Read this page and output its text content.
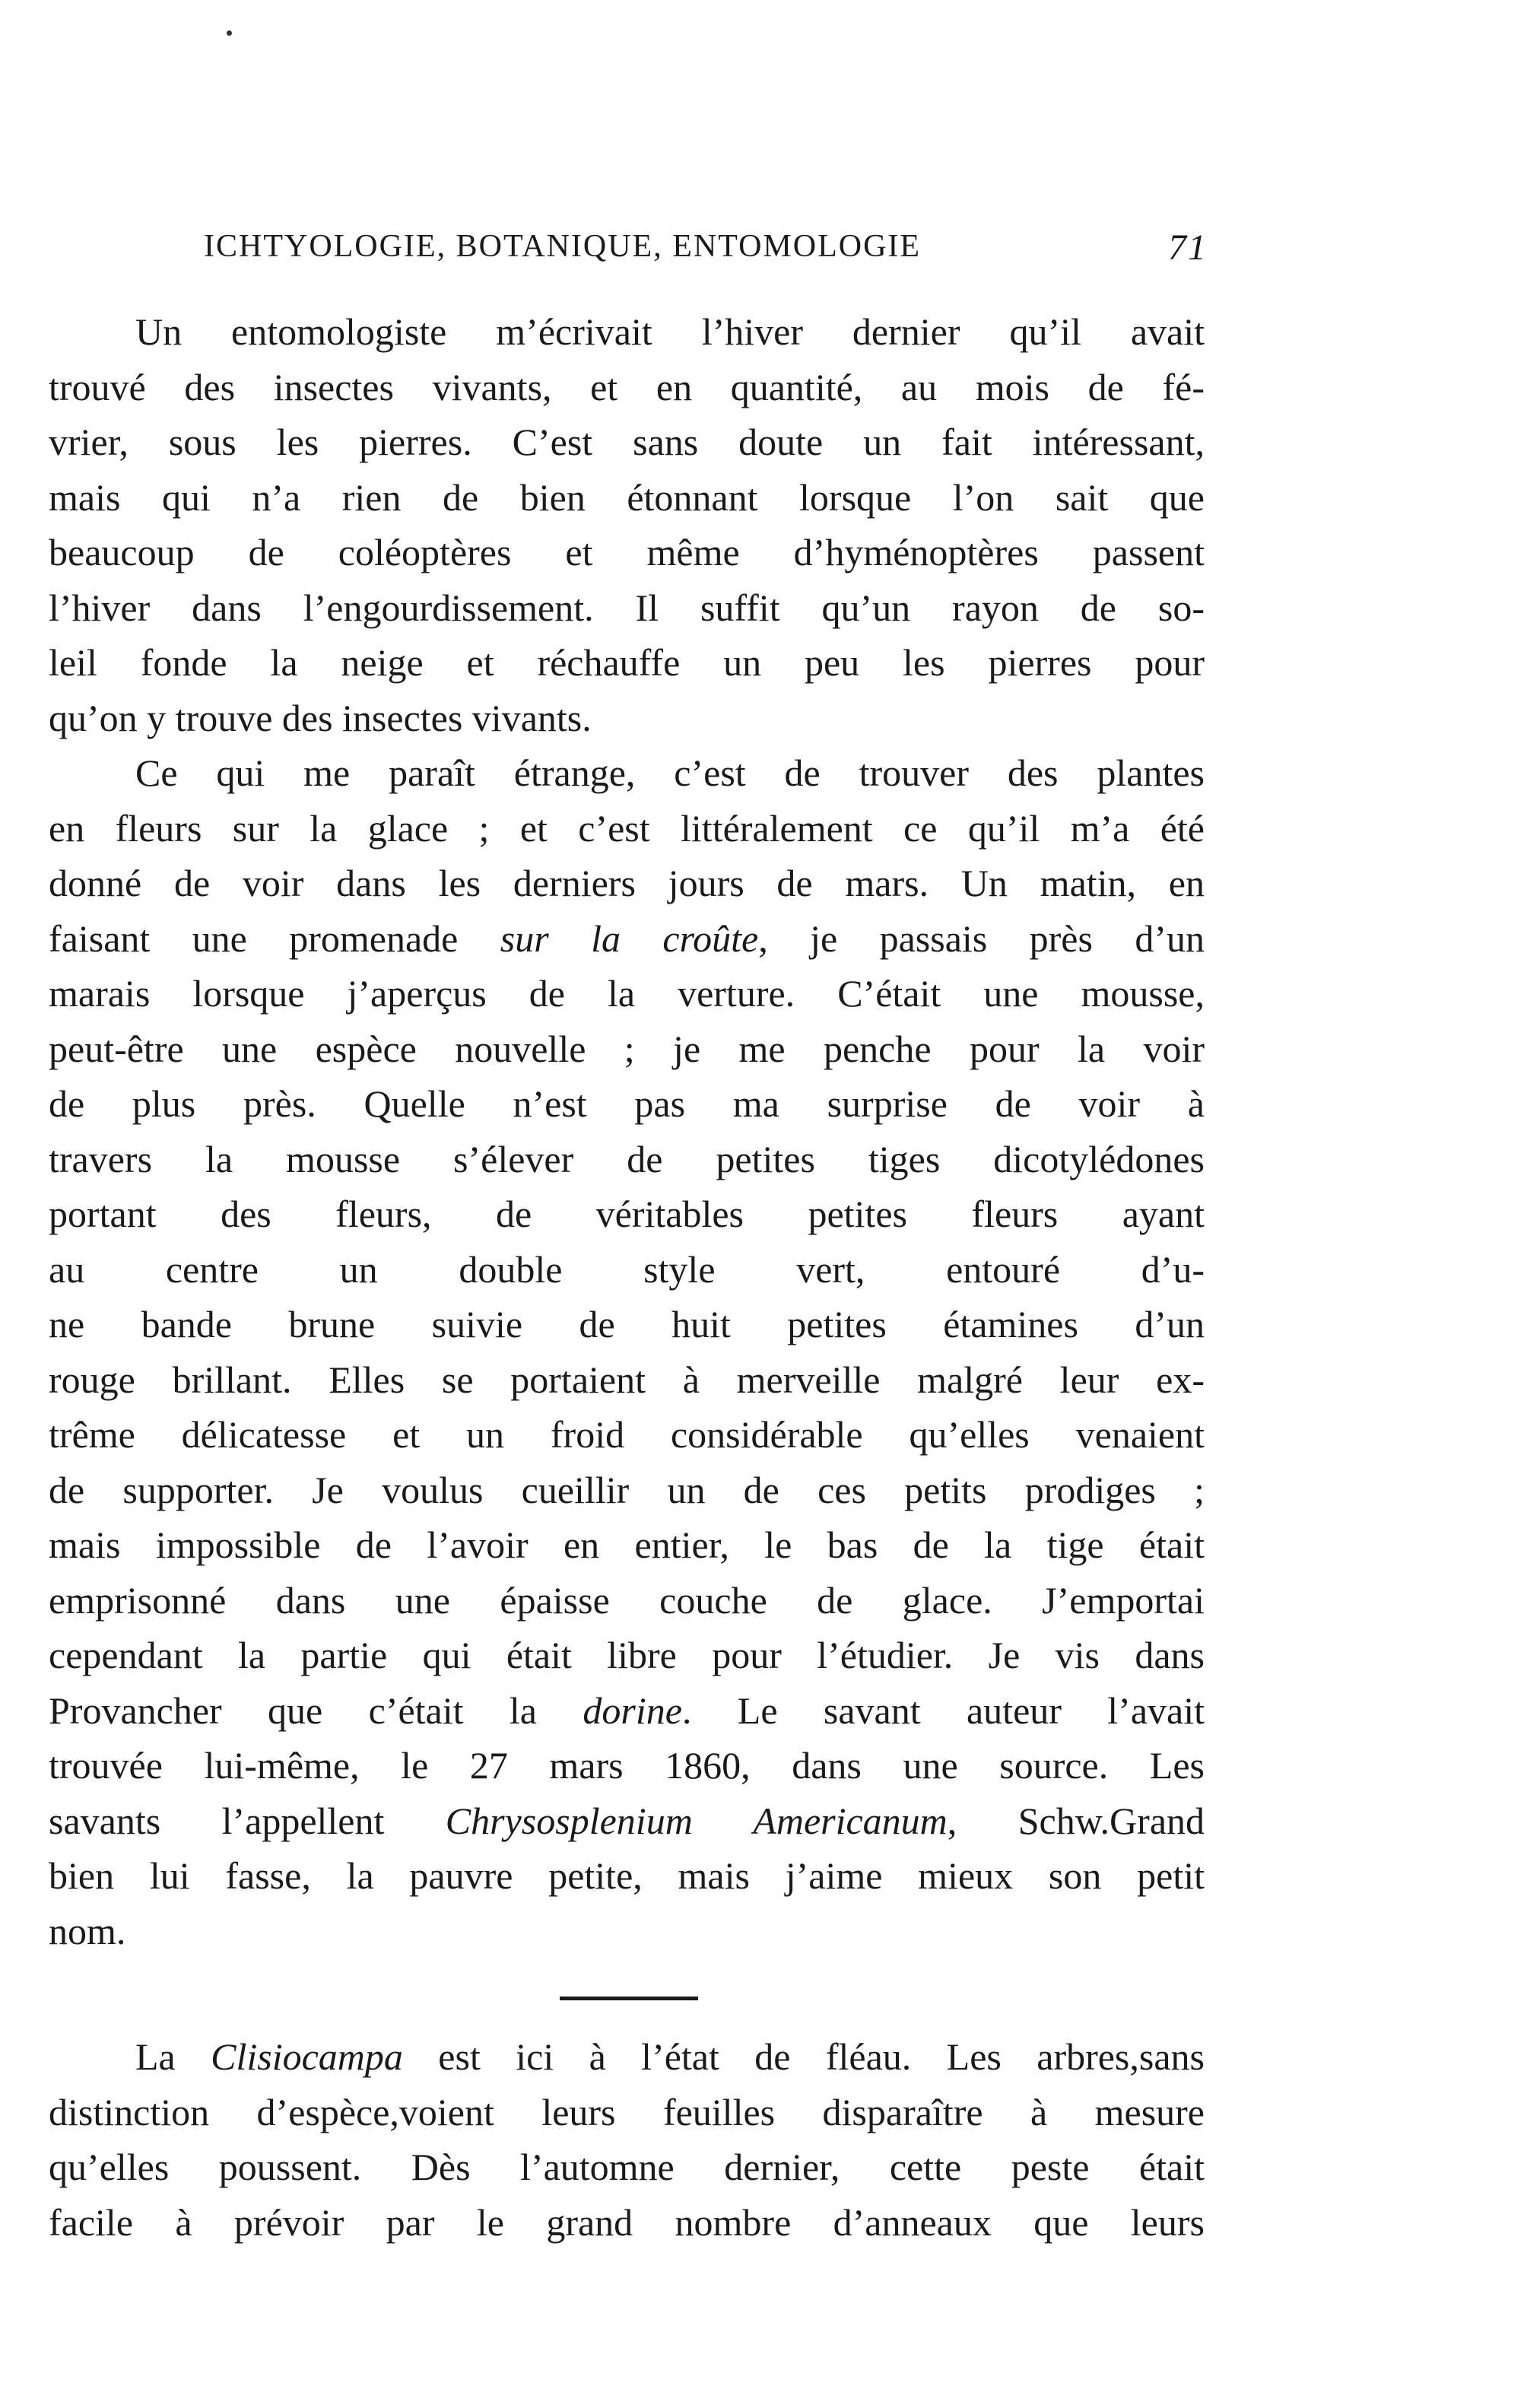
ICHTYOLOGIE, BOTANIQUE, ENTOMOLOGIE	71
Un entomologiste m’écrivait l’hiver dernier qu’il avait
trouvé des insectes vivants, et en quantité, au mois de fé-
vrier, sous les pierres. C’est sans doute un fait intéressant,
mais qui n’a rien de bien étonnant lorsque l’on sait que
beaucoup de coléoptères et même d’hyménoptères passent
l’hiver dans l’engourdissement. Il suffit qu’un rayon de so-
leil fonde la neige et réchauffe un peu les pierres pour
qu’on y trouve des insectes vivants.
Ce qui me paraît étrange, c’est de trouver des plantes
en fleurs sur la glace ; et c’est littéralement ce qu’il m’a été
donné de voir dans les derniers jours de mars. Un matin, en
faisant une promenade sur la croûte, je passais près d’un
marais lorsque j’aperçus de la verture. C’était une mousse,
peut-être une espèce nouvelle ; je me penche pour la voir
de plus près. Quelle n’est pas ma surprise de voir à
travers la mousse s’élever de petites tiges dicotylédones
portant des fleurs, de véritables petites fleurs ayant
au centre un double style vert, entouré d’u-
ne bande brune suivie de huit petites étamines d’un
rouge brillant. Elles se portaient à merveille malgré leur ex-
trême délicatesse et un froid considérable qu’elles venaient
de supporter. Je voulus cueillir un de ces petits prodiges ;
mais impossible de l’avoir en entier, le bas de la tige était
emprisonné dans une épaisse couche de glace. J’emportai
cependant la partie qui était libre pour l’étudier. Je vis dans
Provancher que c’était la dorine. Le savant auteur l’avait
trouvée lui-même, le 27 mars 1860, dans une source. Les
savants l’appellent Chrysosplenium Americanum, Schw.Grand
bien lui fasse, la pauvre petite, mais j’aime mieux son petit
nom.
La Clisiocampa est ici à l’état de fléau. Les arbres,sans
distinction d’espèce,voient leurs feuilles disparaître à mesure
qu’elles poussent. Dès l’automne dernier, cette peste était
facile à prévoir par le grand nombre d’anneaux que leurs
